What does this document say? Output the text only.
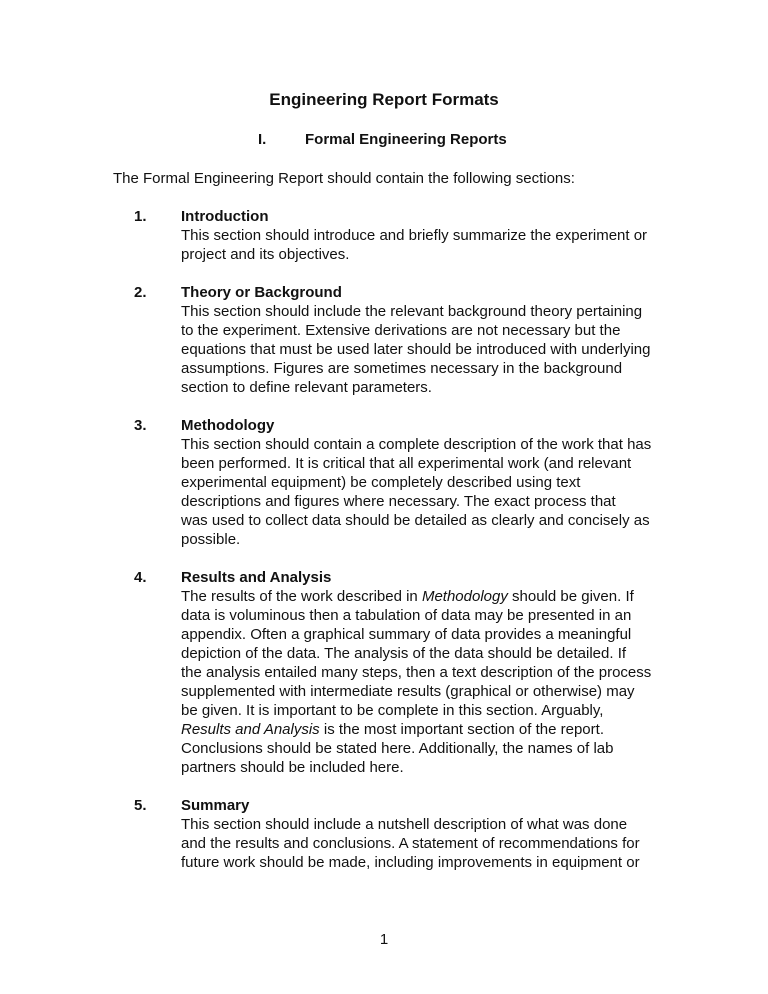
Engineering Report Formats
I.	Formal Engineering Reports
The Formal Engineering Report should contain the following sections:
1. Introduction
This section should introduce and briefly summarize the experiment or
project and its objectives.
2. Theory or Background
This section should include the relevant background theory pertaining
to the experiment. Extensive derivations are not necessary but the
equations that must be used later should be introduced with underlying
assumptions. Figures are sometimes necessary in the background
section to define relevant parameters.
3. Methodology
This section should contain a complete description of the work that has
been performed. It is critical that all experimental work (and relevant
experimental equipment) be completely described using text
descriptions and figures where necessary. The exact process that
was used to collect data should be detailed as clearly and concisely as
possible.
4. Results and Analysis
The results of the work described in Methodology should be given. If
data is voluminous then a tabulation of data may be presented in an
appendix. Often a graphical summary of data provides a meaningful
depiction of the data. The analysis of the data should be detailed. If
the analysis entailed many steps, then a text description of the process
supplemented with intermediate results (graphical or otherwise) may
be given. It is important to be complete in this section. Arguably,
Results and Analysis is the most important section of the report.
Conclusions should be stated here. Additionally, the names of lab
partners should be included here.
5. Summary
This section should include a nutshell description of what was done
and the results and conclusions. A statement of recommendations for
future work should be made, including improvements in equipment or
1
